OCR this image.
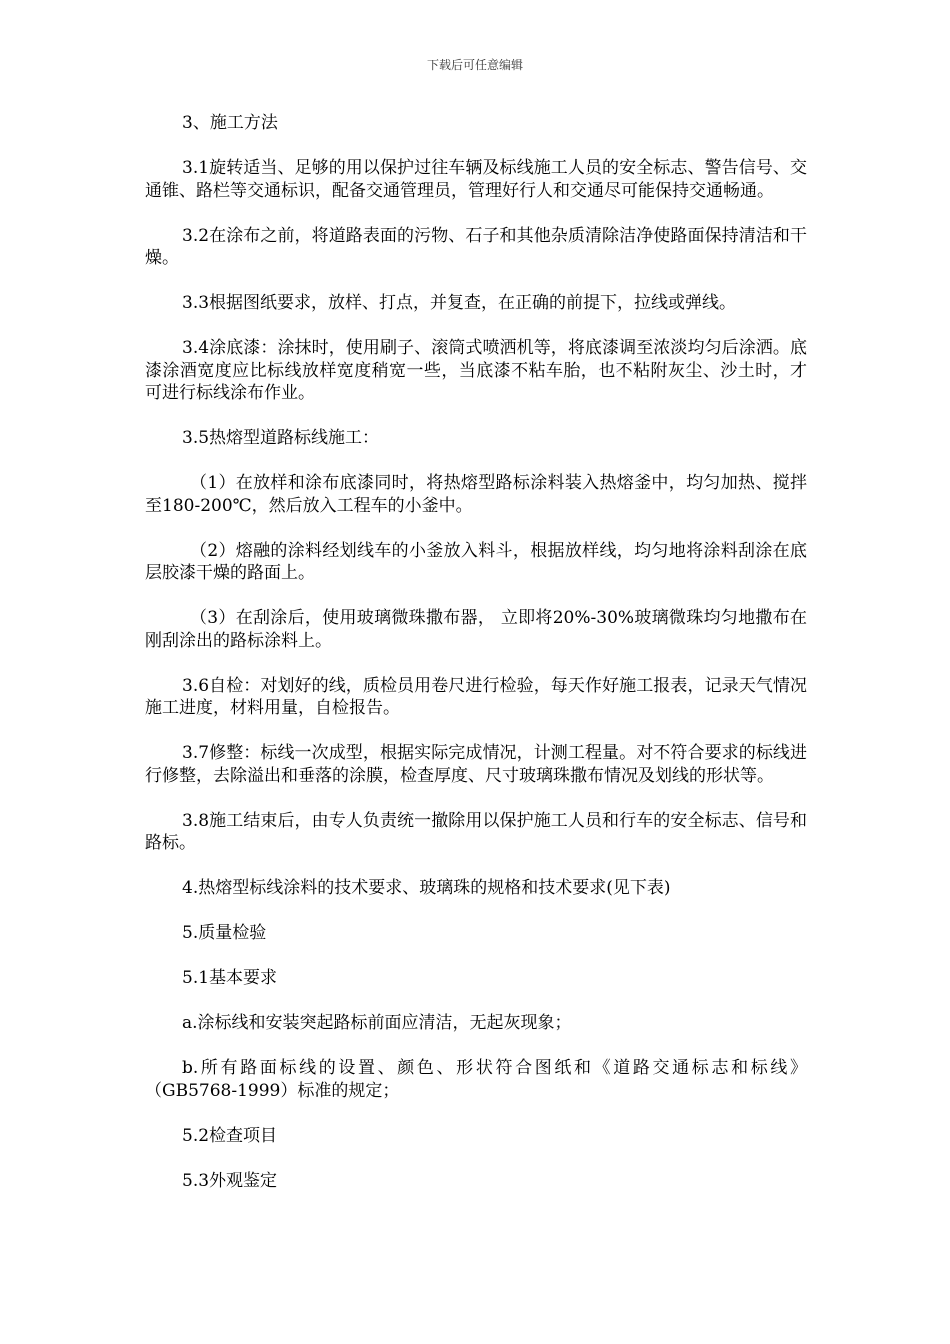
下载后可任意编辑

3、施工方法

3.1旋转适当、足够的用以保护过往车辆及标线施工人员的安全标志、警告信号、交通锥、路栏等交通标识，配备交通管理员，管理好行人和交通尽可能保持交通畅通。

3.2在涂布之前，将道路表面的污物、石子和其他杂质清除洁净使路面保持清洁和干燥。

3.3根据图纸要求，放样、打点，并复查，在正确的前提下，拉线或弹线。

3.4涂底漆：涂抹时，使用刷子、滚筒式喷洒机等，将底漆调至浓淡均匀后涂洒。底漆涂酒宽度应比标线放样宽度稍宽一些，当底漆不粘车胎，也不粘附灰尘、沙土时，才可进行标线涂布作业。

3.5热熔型道路标线施工：

（1）在放样和涂布底漆同时，将热熔型路标涂料装入热熔釜中，均匀加热、搅拌至180-200℃，然后放入工程车的小釜中。

（2）熔融的涂料经划线车的小釜放入料斗，根据放样线，均匀地将涂料刮涂在底层胶漆干燥的路面上。

（3）在刮涂后，使用玻璃微珠撒布器， 立即将20%-30%玻璃微珠均匀地撒布在刚刮涂出的路标涂料上。

3.6自检：对划好的线，质检员用卷尺进行检验，每天作好施工报表，记录天气情况施工进度，材料用量，自检报告。

3.7修整：标线一次成型，根据实际完成情况，计测工程量。对不符合要求的标线进行修整，去除溢出和垂落的涂膜，检查厚度、尺寸玻璃珠撒布情况及划线的形状等。

3.8施工结束后，由专人负责统一撤除用以保护施工人员和行车的安全标志、信号和路标。

4.热熔型标线涂料的技术要求、玻璃珠的规格和技术要求(见下表)

5.质量检验

5.1基本要求

a.涂标线和安装突起路标前面应清洁，无起灰现象；

b.所有路面标线的设置、颜色、形状符合图纸和《道路交通标志和标线》（GB5768-1999）标准的规定；

5.2检查项目

5.3外观鉴定
